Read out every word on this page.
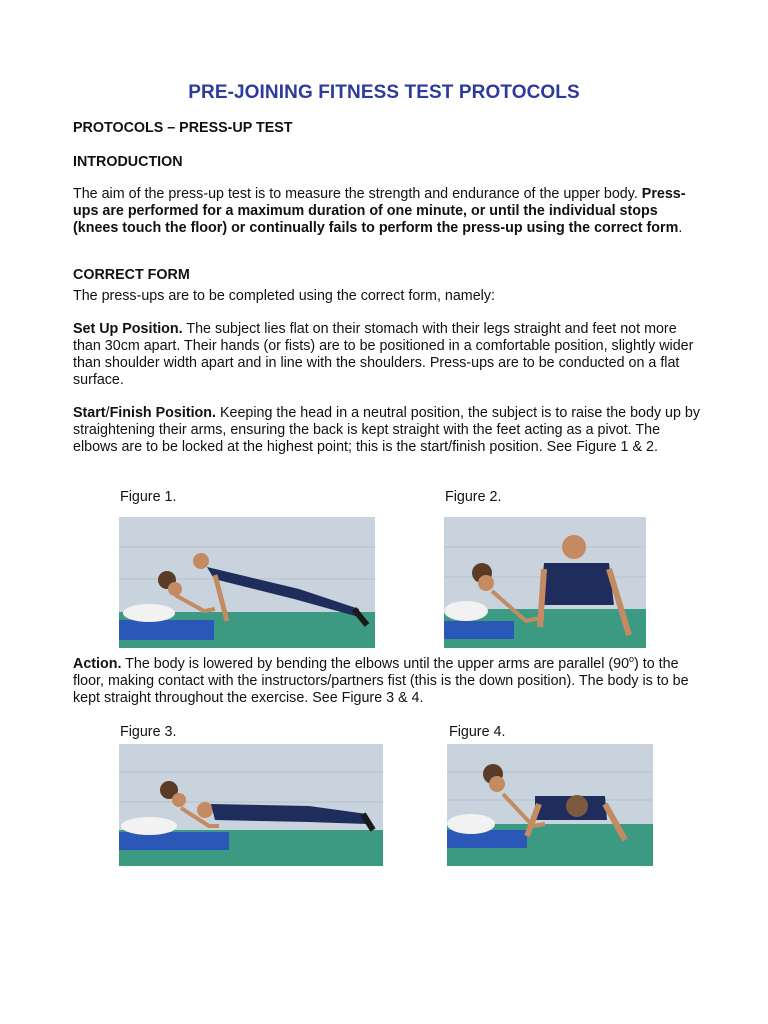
PRE-JOINING FITNESS TEST PROTOCOLS

PROTOCOLS – PRESS-UP TEST

INTRODUCTION

The aim of the press-up test is to measure the strength and endurance of the upper body. Press-ups are performed for a maximum duration of one minute, or until the individual stops (knees touch the floor) or continually fails to perform the press-up using the correct form.

CORRECT FORM

The press-ups are to be completed using the correct form, namely:

Set Up Position. The subject lies flat on their stomach with their legs straight and feet not more than 30cm apart. Their hands (or fists) are to be positioned in a comfortable position, slightly wider than shoulder width apart and in line with the shoulders. Press-ups are to be conducted on a flat surface.

Start/Finish Position. Keeping the head in a neutral position, the subject is to raise the body up by straightening their arms, ensuring the back is kept straight with the feet acting as a pivot. The elbows are to be locked at the highest point; this is the start/finish position. See Figure 1 & 2.

Figure 1.	Figure 2.

Action. The body is lowered by bending the elbows until the upper arms are parallel (90$^o$) to the floor, making contact with the instructors/partners fist (this is the down position). The body is to be kept straight throughout the exercise. See Figure 3 & 4.

Figure 3.	Figure 4.
